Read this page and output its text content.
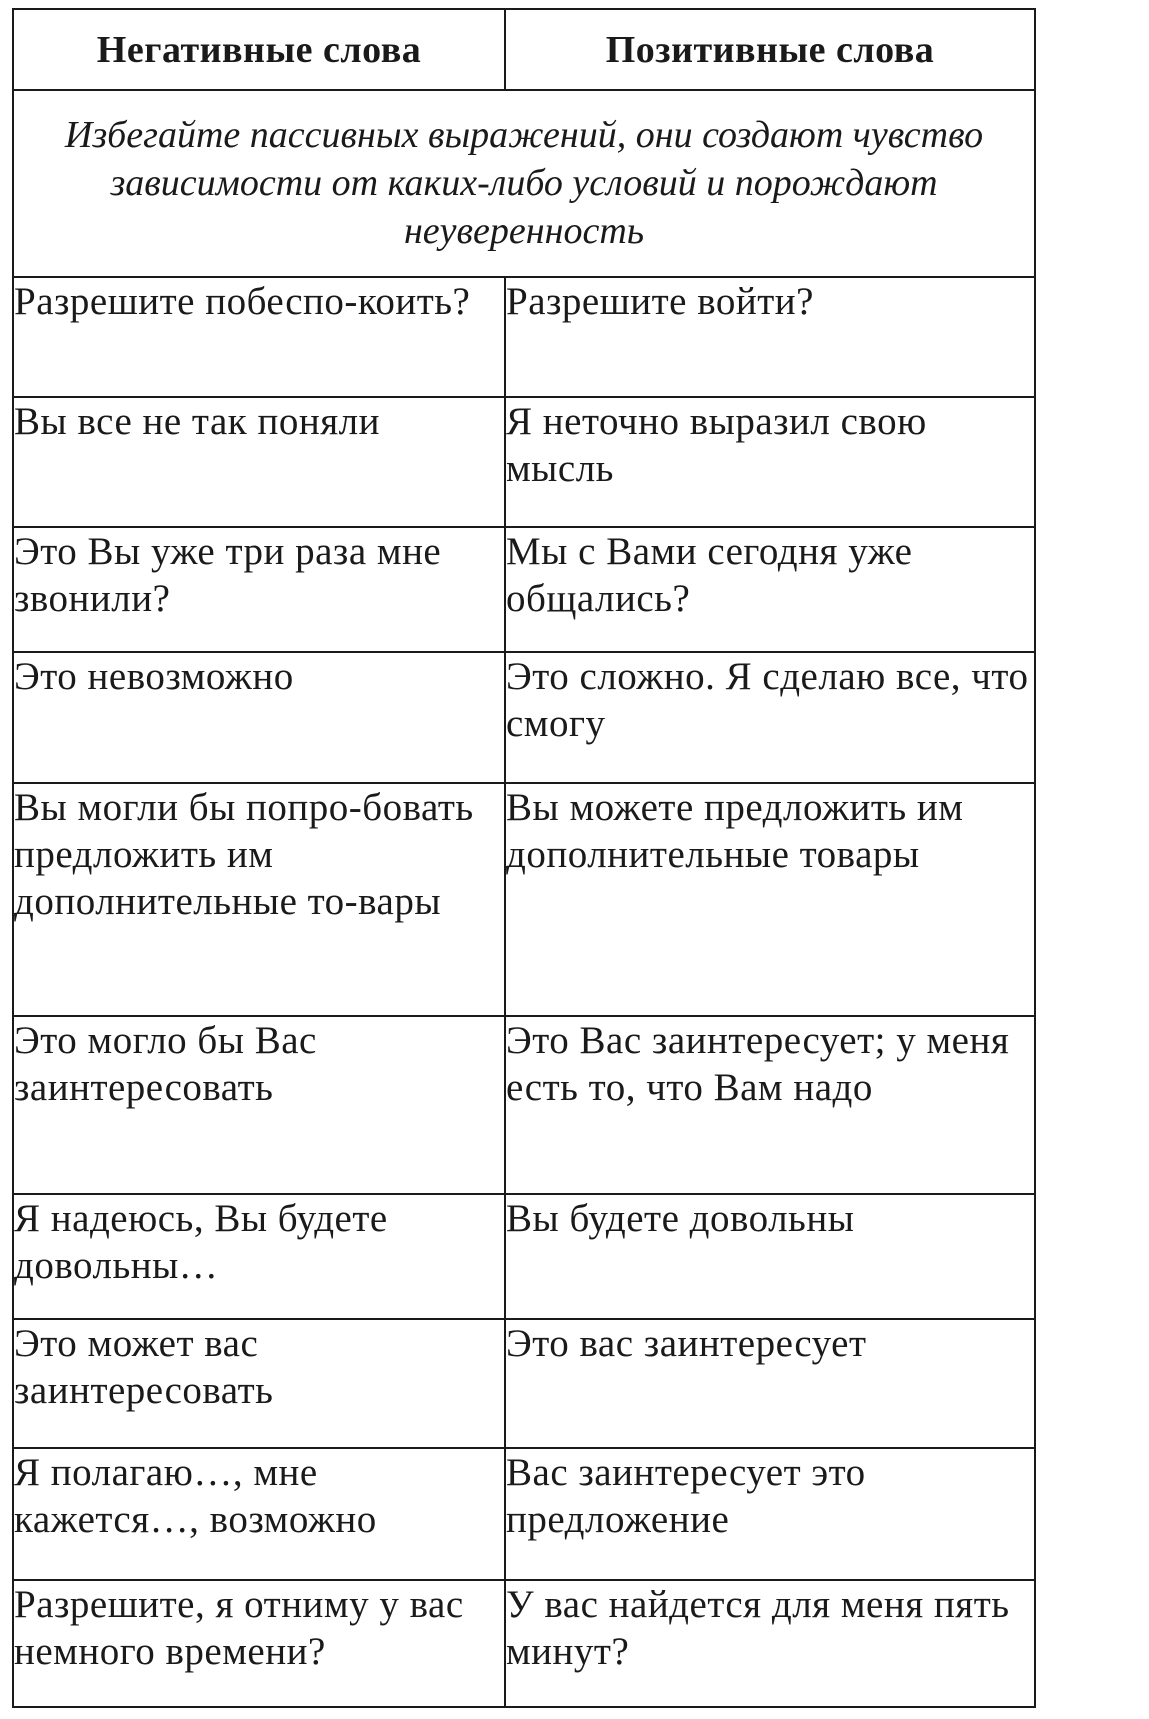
Негативные слова	Позитивные слова
Избегайте пассивных выражений, они создают чувство зависимости от каких-либо условий и порождают неуверенность	
Разрешите побеспо-коить?	Разрешите войти?
Вы все не так поняли	Я неточно выразил свою мысль
Это Вы уже три раза мне звонили?	Мы с Вами сегодня уже общались?
Это невозможно	Это сложно. Я сделаю все, что смогу
Вы могли бы попро-бовать предложить им дополнительные то-вары	Вы можете предложить им дополнительные товары
Это могло бы Вас заинтересовать	Это Вас заинтересует; у меня есть то, что Вам надо
Я надеюсь, Вы будете довольны…	Вы будете довольны
Это может вас заинтересовать	Это вас заинтересует
Я полагаю…, мне кажется…, возможно	Вас заинтересует это предложение
Разрешите, я отниму у вас немного времени?	У вас найдется для меня пять минут?
